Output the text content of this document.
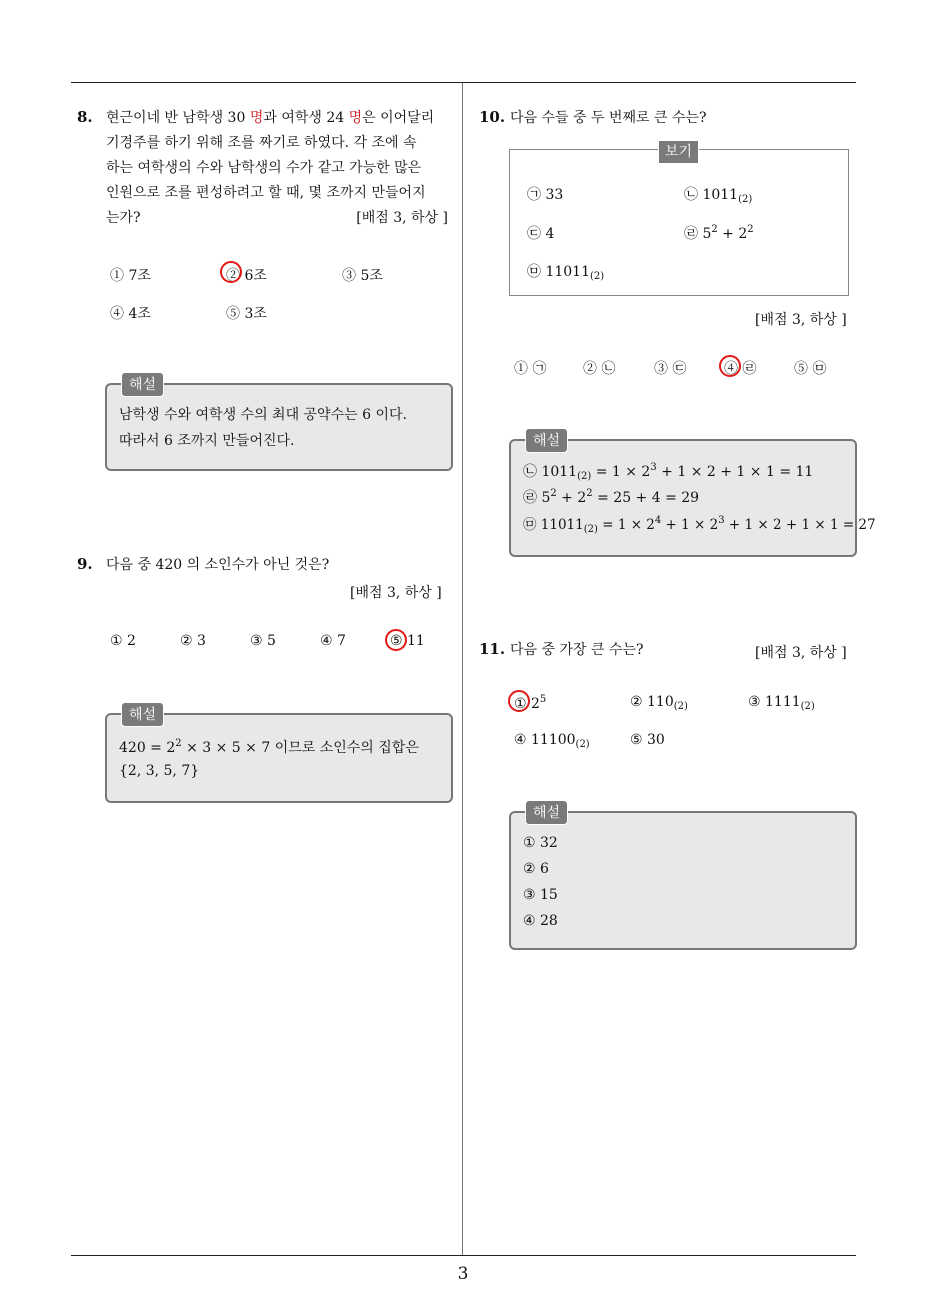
3
8. 현근이네 반 남학생 30 명과 여학생 24 명은 이어달리
기경주를 하기 위해 조를 짜기로 하였다. 각 조에 속
하는 여학생의 수와 남학생의 수가 같고 가능한 많은
인원으로 조를 편성하려고 할 때, 몇 조까지 만들어지
는가?	[배점 3, 하상 ]
① 7조	② 6조	③ 5조
④ 4조	⑤ 3조
해설
남학생 수와 여학생 수의 최대 공약수는 6 이다.
따라서 6 조까지 만들어진다.
9. 다음 중 420 의 소인수가 아닌 것은?
[배점 3, 하상 ]
① 2	② 3	③ 5	④ 7	⑤ 11
해설
$420 = 2^2 \times 3 \times 5 \times 7$ 이므로 소인수의 집합은
{2, 3, 5, 7}
10. 다음 수들 중 두 번째로 큰 수는?
보기
㉠ 33	㉡ $1011_{(2)}$
㉢ 4	㉣ $5^2 + 2^2$
㉤ $11011_{(2)}$
[배점 3, 하상 ]
① ㉠	② ㉡	③ ㉢	④ ㉣	⑤ ㉤
해설
㉡ $1011_{(2)} = 1 \times 2^3 + 1 \times 2 + 1 \times 1 = 11$
㉣ $5^2 + 2^2 = 25 + 4 = 29$
㉤ $11011_{(2)} = 1 \times 2^4 + 1 \times 2^3 + 1 \times 2 + 1 \times 1 = 27$
11. 다음 중 가장 큰 수는?	[배점 3, 하상 ]
① $2^5$	② $110_{(2)}$	③ $1111_{(2)}$
④ $11100_{(2)}$	⑤ 30
해설
① 32
② 6
③ 15
④ 28
